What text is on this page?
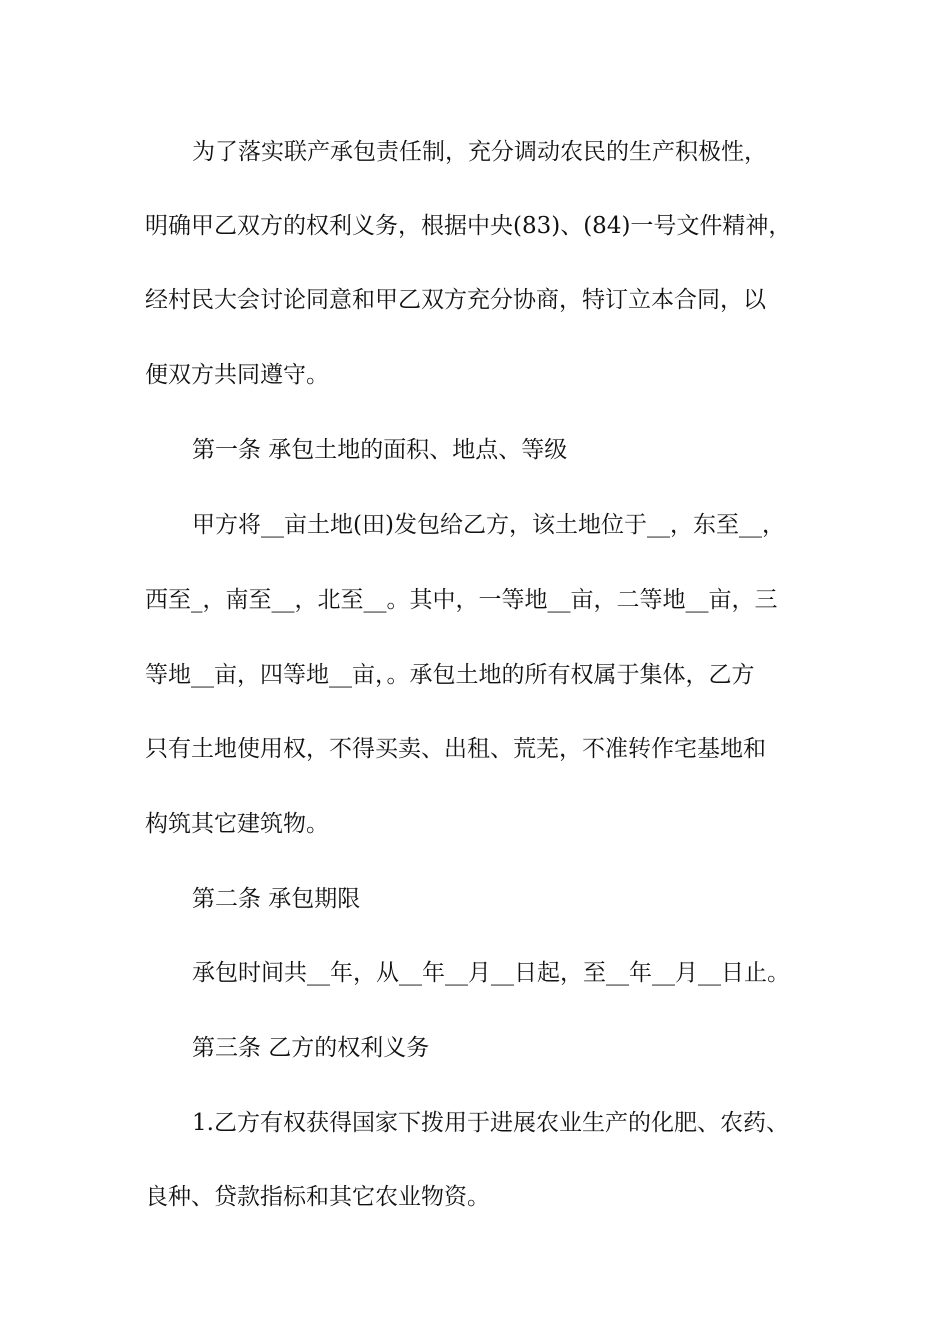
为了落实联产承包责任制，充分调动农民的生产积极性，
明确甲乙双方的权利义务，根据中央(83)、(84)一号文件精神，
经村民大会讨论同意和甲乙双方充分协商，特订立本合同，以
便双方共同遵守。
第一条 承包土地的面积、地点、等级
甲方将__亩土地(田)发包给乙方，该土地位于__，东至__，
西至_，南至__，北至__。其中，一等地__亩，二等地__亩，三
等地__亩，四等地__亩，。承包土地的所有权属于集体，乙方
只有土地使用权，不得买卖、出租、荒芜，不准转作宅基地和
构筑其它建筑物。
第二条 承包期限
承包时间共__年，从__年__月__日起，至__年__月__日止。
第三条 乙方的权利义务
1.乙方有权获得国家下拨用于进展农业生产的化肥、农药、
良种、贷款指标和其它农业物资。
